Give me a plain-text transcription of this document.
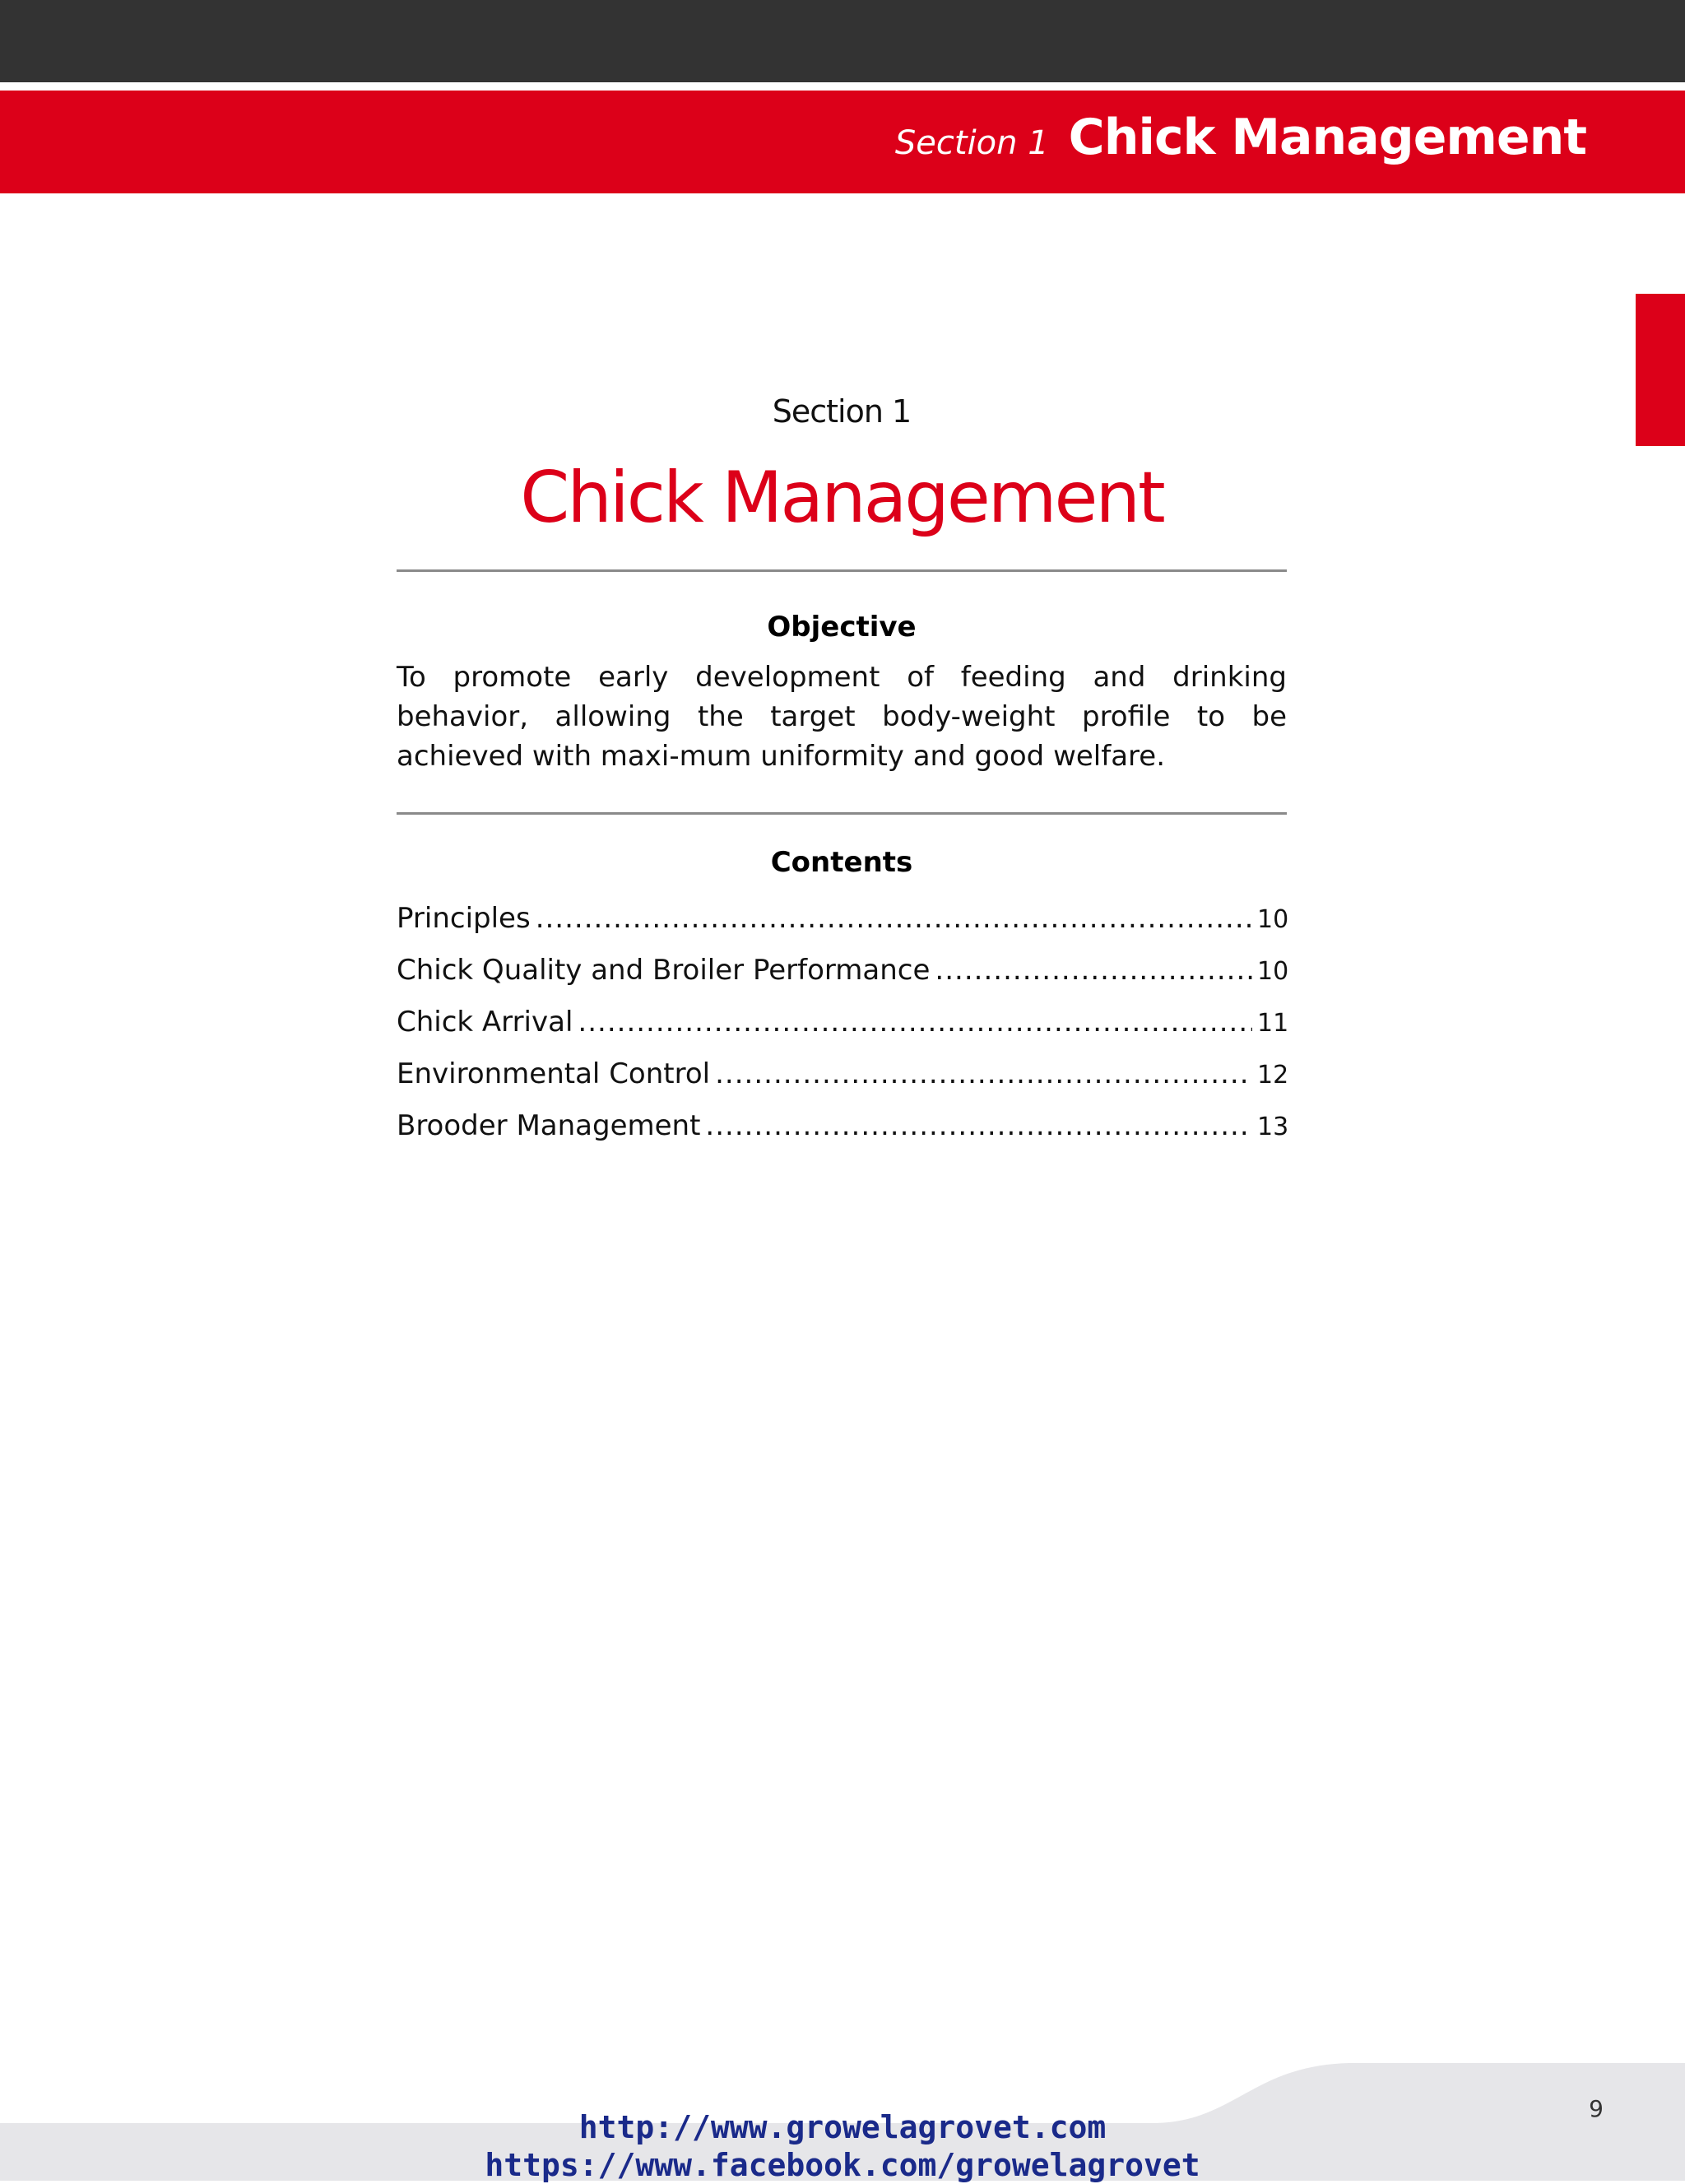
Section 1 Chick Management
Section 1
Chick Management
Objective
To promote early development of feeding and drinking behavior, allowing the target body-weight profile to be achieved with maxi-mum uniformity and good welfare.
Contents
Principles .....	10
Chick Quality and Broiler Performance .....	10
Chick Arrival .....	11
Environmental Control .....	12
Brooder Management .....	13
9
http://www.growelagrovet.com
https://www.facebook.com/growelagrovet
